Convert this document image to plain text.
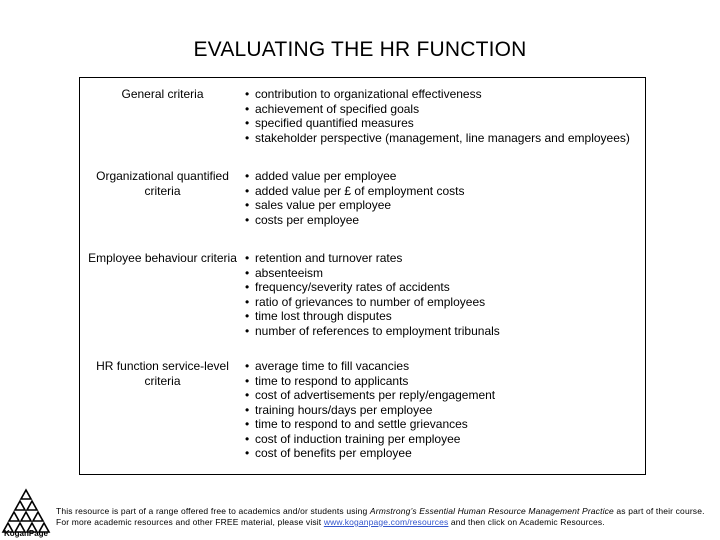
EVALUATING THE HR FUNCTION
General criteria	• contribution to organizational effectiveness
• achievement of specified goals
• specified quantified measures
• stakeholder perspective (management, line managers and employees)
Organizational quantified criteria
• added value per employee
• added value per £ of employment costs
• sales value per employee
• costs per employee
Employee behaviour criteria	• retention and turnover rates
• absenteeism
• frequency/severity rates of accidents
• ratio of grievances to number of employees
• time lost through disputes
• number of references to employment tribunals
HR function service-level criteria
• average time to fill vacancies
• time to respond to applicants
• cost of advertisements per reply/engagement
• training hours/days per employee
• time to respond to and settle grievances
• cost of induction training per employee
• cost of benefits per employee
KoganPage
This resource is part of a range offered free to academics and/or students using Armstrong’s Essential Human Resource Management Practice as part of their course.
For more academic resources and other FREE material, please visit www.koganpage.com/resources and then click on Academic Resources.
